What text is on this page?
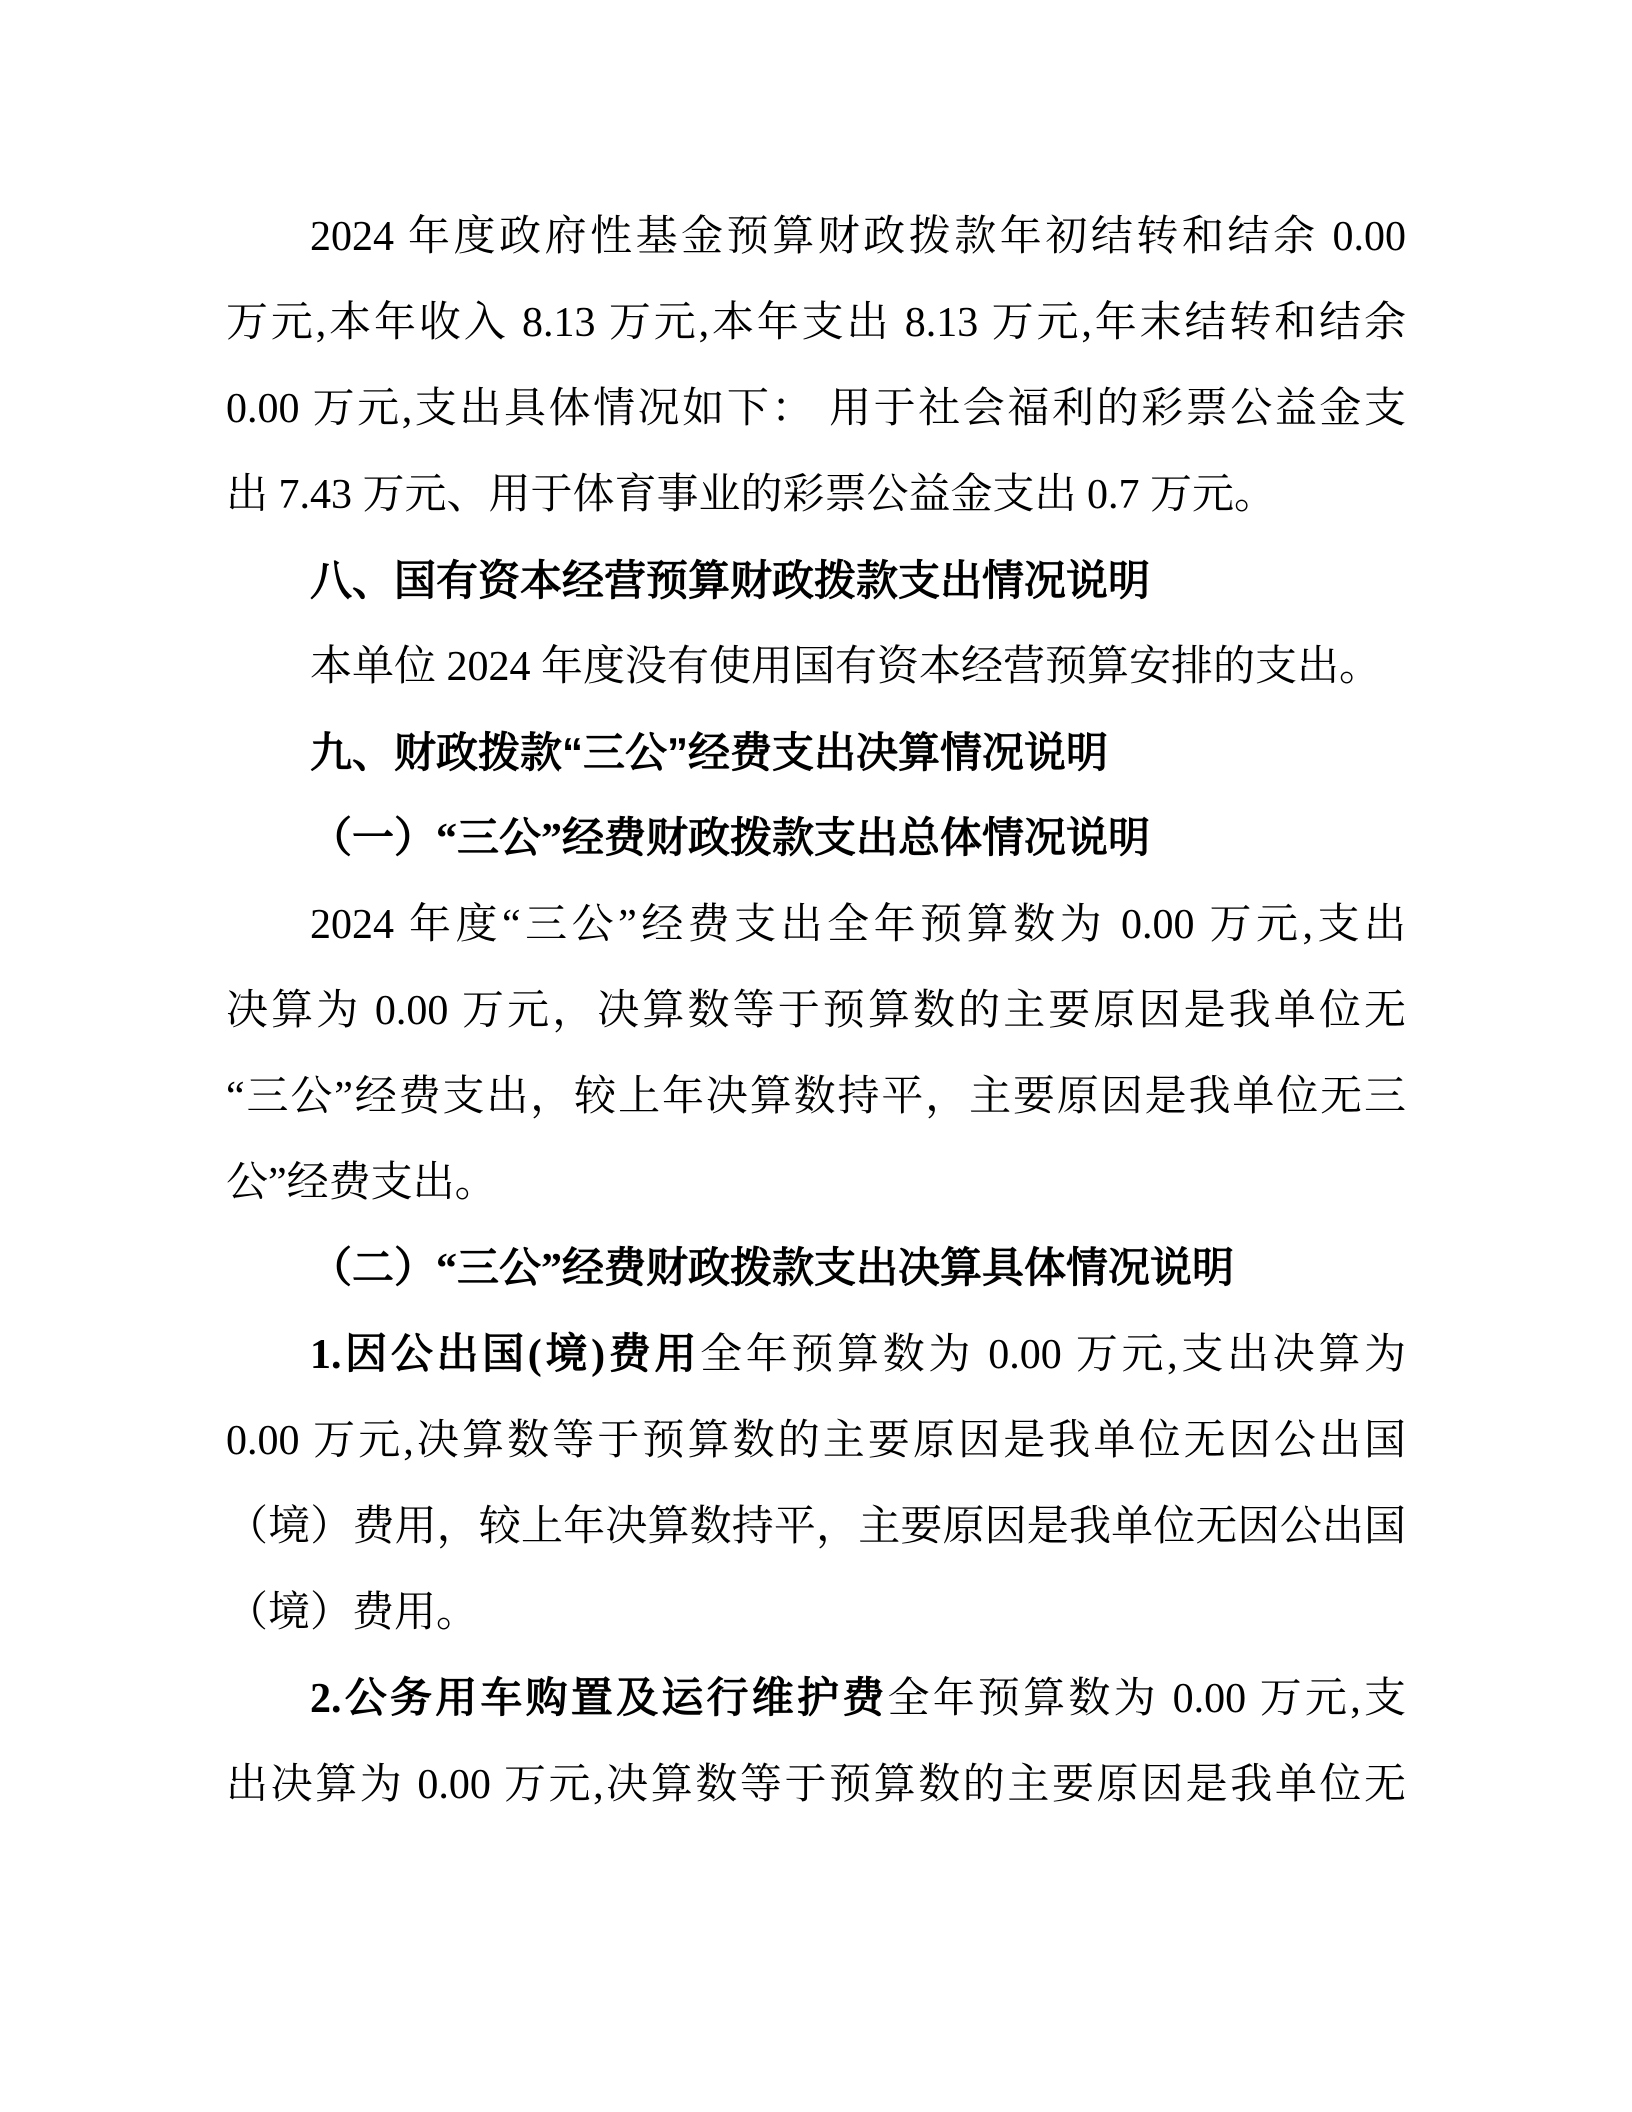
2024 年度政府性基金预算财政拨款年初结转和结余 0.00
万元,本年收入 8.13 万元,本年支出 8.13 万元,年末结转和结余
0.00 万元,支出具体情况如下： 用于社会福利的彩票公益金支
出 7.43 万元、用于体育事业的彩票公益金支出 0.7 万元。
八、国有资本经营预算财政拨款支出情况说明
本单位 2024 年度没有使用国有资本经营预算安排的支出。
九、财政拨款“三公”经费支出决算情况说明
（一）“三公”经费财政拨款支出总体情况说明
2024 年度“三公”经费支出全年预算数为 0.00 万元,支出
决算为 0.00 万元，决算数等于预算数的主要原因是我单位无
“三公”经费支出，较上年决算数持平，主要原因是我单位无三
公”经费支出。
（二）“三公”经费财政拨款支出决算具体情况说明
1.因公出国(境)费用全年预算数为 0.00 万元,支出决算为
0.00 万元,决算数等于预算数的主要原因是我单位无因公出国
（境）费用，较上年决算数持平，主要原因是我单位无因公出国
（境）费用。
2.公务用车购置及运行维护费全年预算数为 0.00 万元,支
出决算为 0.00 万元,决算数等于预算数的主要原因是我单位无
